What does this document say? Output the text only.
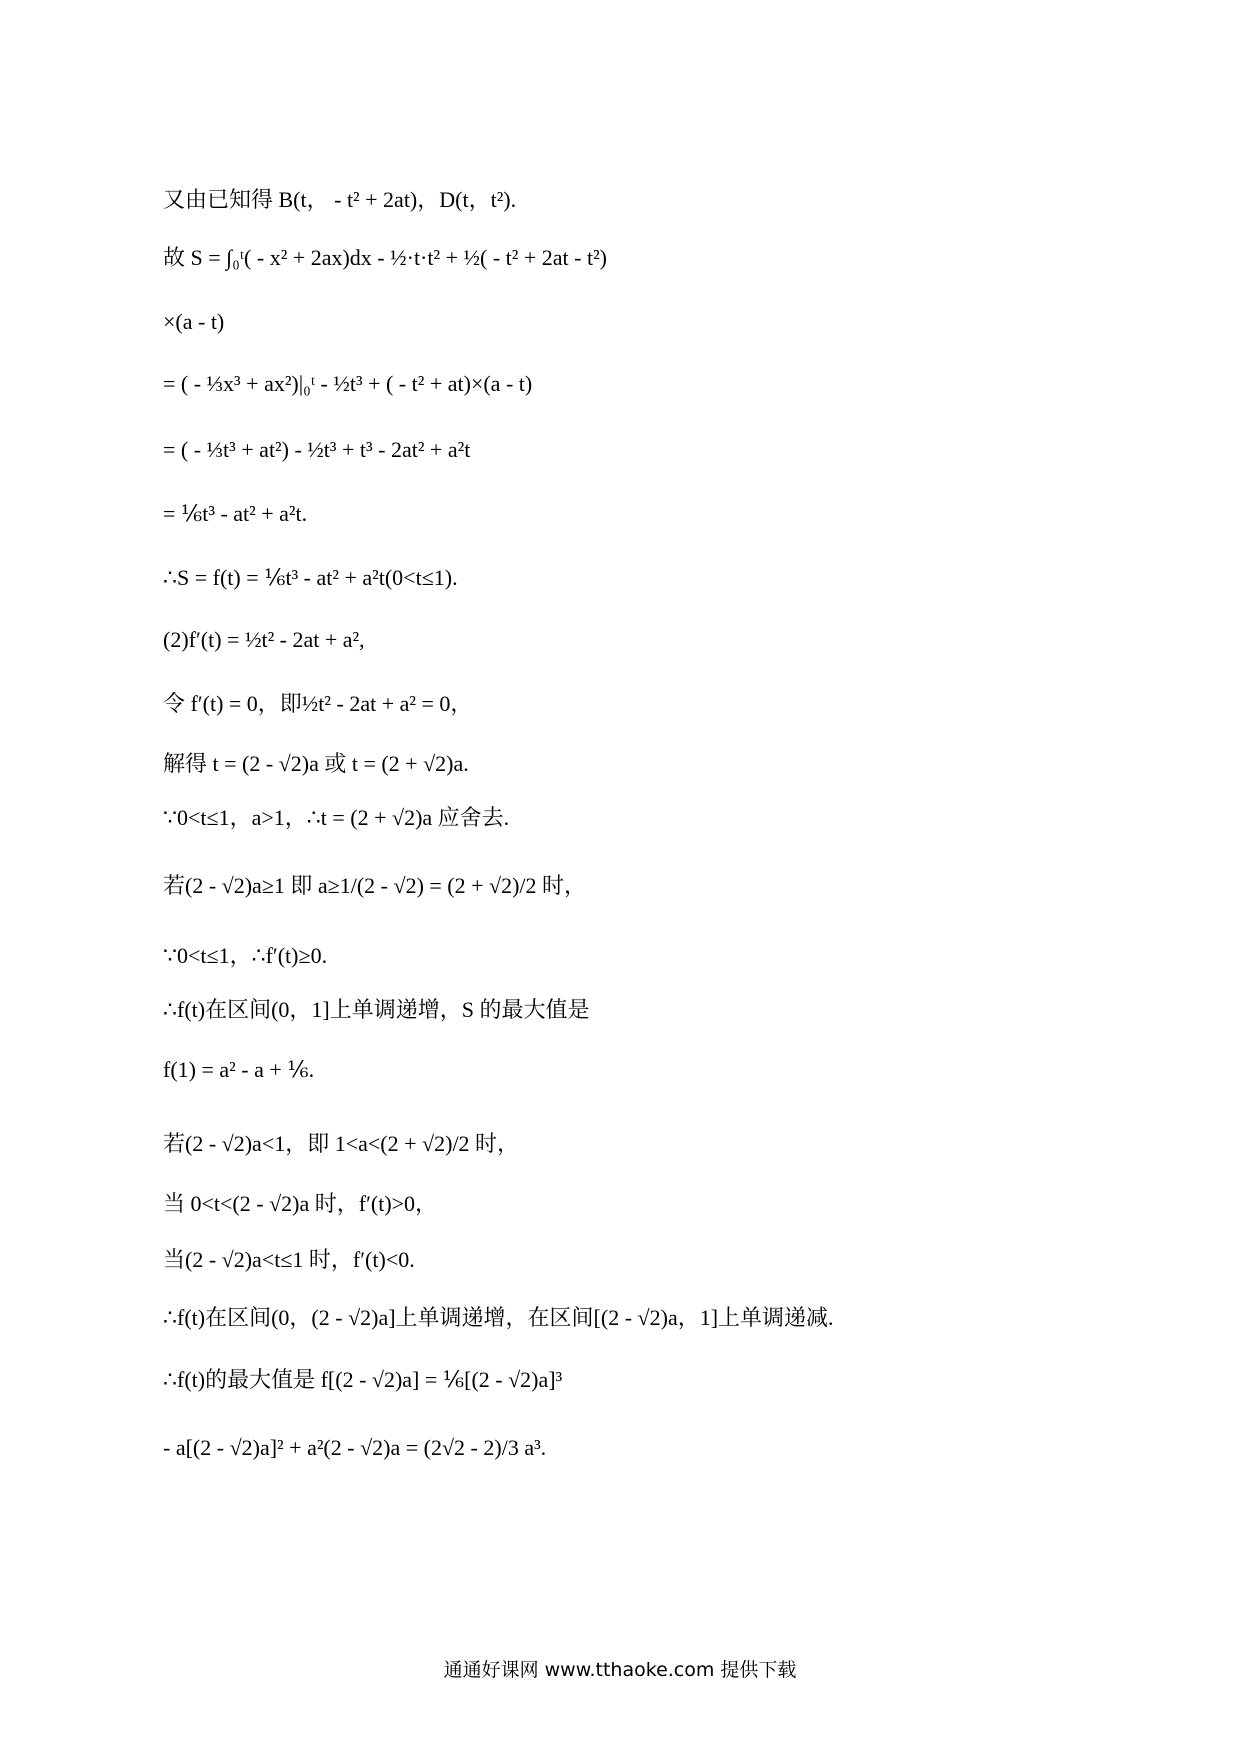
又由已知得 B(t， - t² + 2at)，D(t，t²).
故 S = ∫₀ᵗ( - x² + 2ax)dx - ½·t·t² + ½( - t² + 2at - t²)
×(a - t)
= ( - ⅓x³ + ax²)|₀ᵗ - ½t³ + ( - t² + at)×(a - t)
= ( - ⅓t³ + at²) - ½t³ + t³ - 2at² + a²t
= ⅙t³ - at² + a²t.
∴S = f(t) = ⅙t³ - at² + a²t(0<t≤1).
(2)f′(t) = ½t² - 2at + a²,
令 f′(t) = 0，即½t² - 2at + a² = 0，
解得 t = (2 - √2)a 或 t = (2 + √2)a.
∵0<t≤1，a>1，∴t = (2 + √2)a 应舍去.
若(2 - √2)a≥1 即 a≥1/(2 - √2) = (2 + √2)/2 时，
∵0<t≤1，∴f′(t)≥0.
∴f(t)在区间(0，1]上单调递增，S 的最大值是
f(1) = a² - a + ⅙.
若(2 - √2)a<1，即 1<a<(2 + √2)/2 时，
当 0<t<(2 - √2)a 时，f′(t)>0，
当(2 - √2)a<t≤1 时，f′(t)<0.
∴f(t)在区间(0，(2 - √2)a]上单调递增，在区间[(2 - √2)a，1]上单调递减.
∴f(t)的最大值是 f[(2 - √2)a] = ⅙[(2 - √2)a]³
- a[(2 - √2)a]² + a²(2 - √2)a = (2√2 - 2)/3 a³.
通通好课网 www.tthaoke.com 提供下载
